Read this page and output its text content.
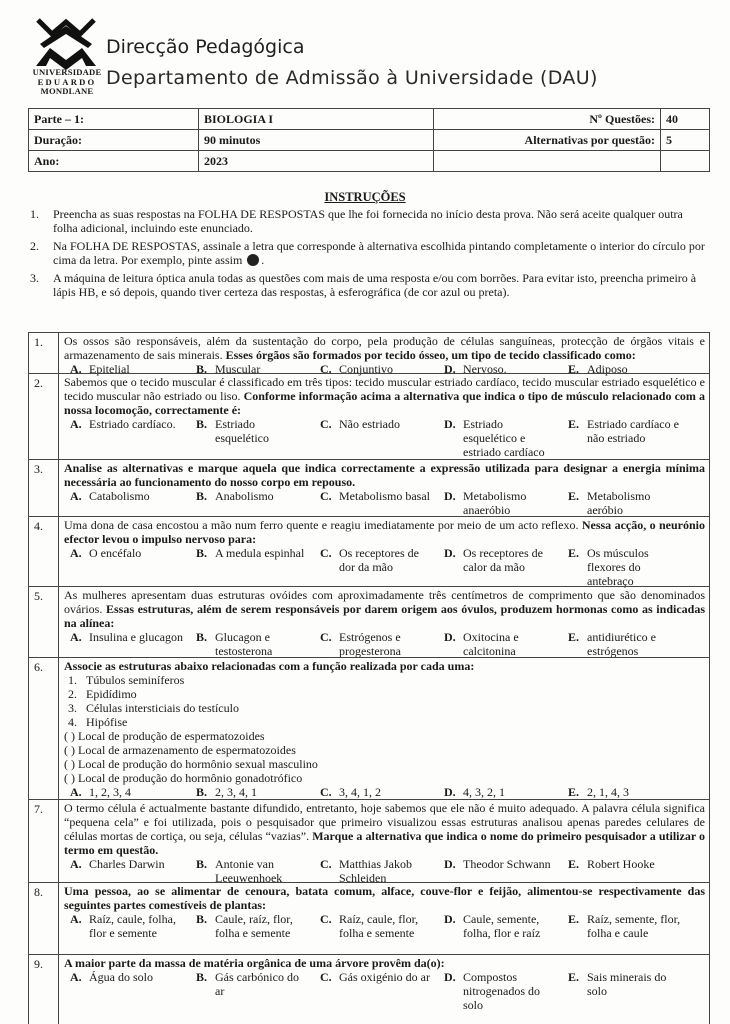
UNIVERSIDADE
EDUARDO
MONDLANE
Direcção Pedagógica
Departamento de Admissão à Universidade (DAU)
Parte – 1:	BIOLOGIA I	Nº Questões:	40
Duração:	90 minutos	Alternativas por questão:	5
Ano:	2023		
INSTRUÇÕES
1.	Preencha as suas respostas na FOLHA DE RESPOSTAS que lhe foi fornecida no início desta prova. Não será aceite qualquer outra folha adicional, incluindo este enunciado.
2.	Na FOLHA DE RESPOSTAS, assinale a letra que corresponde à alternativa escolhida pintando completamente o interior do círculo por cima da letra. Por exemplo, pinte assim .
3.	A máquina de leitura óptica anula todas as questões com mais de uma resposta e/ou com borrões. Para evitar isto, preencha primeiro à lápis HB, e só depois, quando tiver certeza das respostas, à esferográfica (de cor azul ou preta).
1.	Os ossos são responsáveis, além da sustentação do corpo, pela produção de células sanguíneas, protecção de órgãos vitais e armazenamento de sais minerais. Esses órgãos são formados por tecido ósseo, um tipo de tecido classificado como:
A. Epitelial	B. Muscular	C. Conjuntivo	D. Nervoso.	E. Adiposo
2.	Sabemos que o tecido muscular é classificado em três tipos: tecido muscular estriado cardíaco, tecido muscular estriado esquelético e tecido muscular não estriado ou liso. Conforme informação acima a alternativa que indica o tipo de músculo relacionado com a nossa locomoção, correctamente é:
A. Estriado cardíaco.	B. Estriado esquelético
C. Não estriado	D. Estriado esquelético e estriado cardíaco
E. Estriado cardíaco e não estriado
3.	Analise as alternativas e marque aquela que indica correctamente a expressão utilizada para designar a energia mínima necessária ao funcionamento do nosso corpo em repouso.
A. Catabolismo	B. Anabolismo	C. Metabolismo basal	D. Metabolismo anaeróbio
E. Metabolismo aeróbio
4.	Uma dona de casa encostou a mão num ferro quente e reagiu imediatamente por meio de um acto reflexo. Nessa acção, o neurónio efector levou o impulso nervoso para:
A. O encéfalo	B. A medula espinhal	C. Os receptores de dor da mão
D. Os receptores de calor da mão
E. Os músculos flexores do antebraço
5.	As mulheres apresentam duas estruturas ovóides com aproximadamente três centímetros de comprimento que são denominados ovários. Essas estruturas, além de serem responsáveis por darem origem aos óvulos, produzem hormonas como as indicadas na alínea:
A. Insulina e glucagon	B. Glucagon e testosterona
C. Estrógenos e progesterona
D. Oxitocina e calcitonina
E. antidiurético e estrógenos
6.	Associe as estruturas abaixo relacionadas com a função realizada por cada uma:
1. Túbulos seminíferos
2. Epidídimo
3. Células intersticiais do testículo
4. Hipófise
( ) Local de produção de espermatozoides
( ) Local de armazenamento de espermatozoides
( ) Local de produção do hormônio sexual masculino
( ) Local de produção do hormônio gonadotrófico
A. 1, 2, 3, 4	B. 2, 3, 4, 1	C. 3, 4, 1, 2	D. 4, 3, 2, 1	E. 2, 1, 4, 3
7.	O termo célula é actualmente bastante difundido, entretanto, hoje sabemos que ele não é muito adequado. A palavra célula significa “pequena cela” e foi utilizada, pois o pesquisador que primeiro visualizou essas estruturas analisou apenas paredes celulares de células mortas de cortiça, ou seja, células “vazias”. Marque a alternativa que indica o nome do primeiro pesquisador a utilizar o termo em questão.
A. Charles Darwin	B. Antonie van Leeuwenhoek
C. Matthias Jakob Schleiden
D. Theodor Schwann	E. Robert Hooke
8.	Uma pessoa, ao se alimentar de cenoura, batata comum, alface, couve-flor e feijão, alimentou-se respectivamente das seguintes partes comestíveis de plantas:
A. Raíz, caule, folha, flor e semente
B. Caule, raíz, flor, folha e semente
C. Raíz, caule, flor, folha e semente
D. Caule, semente, folha, flor e raíz
E. Raíz, semente, flor, folha e caule
9.	A maior parte da massa de matéria orgânica de uma árvore provêm da(o):
A. Água do solo	B. Gás carbónico do ar
C. Gás oxigénio do ar	D. Compostos nitrogenados do solo
E. Sais minerais do solo
